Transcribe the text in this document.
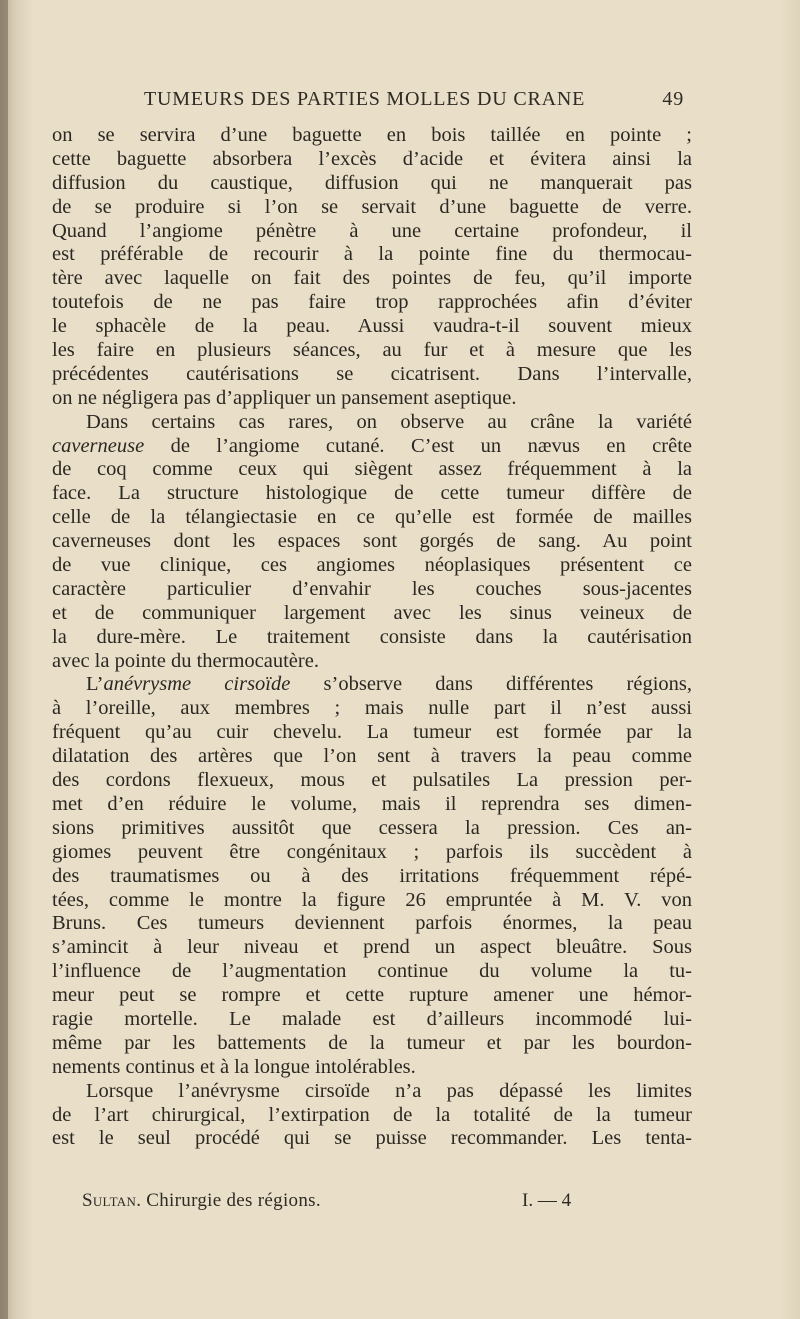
TUMEURS DES PARTIES MOLLES DU CRANE	49
on se servira d’une baguette en bois taillée en pointe ;
cette baguette absorbera l’excès d’acide et évitera ainsi la
diffusion du caustique, diffusion qui ne manquerait pas
de se produire si l’on se servait d’une baguette de verre.
Quand l’angiome pénètre à une certaine profondeur, il
est préférable de recourir à la pointe fine du thermocau-
tère avec laquelle on fait des pointes de feu, qu’il importe
toutefois de ne pas faire trop rapprochées afin d’éviter
le sphacèle de la peau. Aussi vaudra-t-il souvent mieux
les faire en plusieurs séances, au fur et à mesure que les
précédentes cautérisations se cicatrisent. Dans l’intervalle,
on ne négligera pas d’appliquer un pansement aseptique.
Dans certains cas rares, on observe au crâne la variété
caverneuse de l’angiome cutané. C’est un nævus en crête
de coq comme ceux qui siègent assez fréquemment à la
face. La structure histologique de cette tumeur diffère de
celle de la télangiectasie en ce qu’elle est formée de mailles
caverneuses dont les espaces sont gorgés de sang. Au point
de vue clinique, ces angiomes néoplasiques présentent ce
caractère particulier d’envahir les couches sous-jacentes
et de communiquer largement avec les sinus veineux de
la dure-mère. Le traitement consiste dans la cautérisation
avec la pointe du thermocautère.
L’anévrysme cirsoïde s’observe dans différentes régions,
à l’oreille, aux membres ; mais nulle part il n’est aussi
fréquent qu’au cuir chevelu. La tumeur est formée par la
dilatation des artères que l’on sent à travers la peau comme
des cordons flexueux, mous et pulsatiles La pression per-
met d’en réduire le volume, mais il reprendra ses dimen-
sions primitives aussitôt que cessera la pression. Ces an-
giomes peuvent être congénitaux ; parfois ils succèdent à
des traumatismes ou à des irritations fréquemment répé-
tées, comme le montre la figure 26 empruntée à M. V. von
Bruns. Ces tumeurs deviennent parfois énormes, la peau
s’amincit à leur niveau et prend un aspect bleuâtre. Sous
l’influence de l’augmentation continue du volume la tu-
meur peut se rompre et cette rupture amener une hémor-
ragie mortelle. Le malade est d’ailleurs incommodé lui-
même par les battements de la tumeur et par les bourdon-
nements continus et à la longue intolérables.
Lorsque l’anévrysme cirsoïde n’a pas dépassé les limites
de l’art chirurgical, l’extirpation de la totalité de la tumeur
est le seul procédé qui se puisse recommander. Les tenta-
Sultan. Chirurgie des régions.	I. — 4
